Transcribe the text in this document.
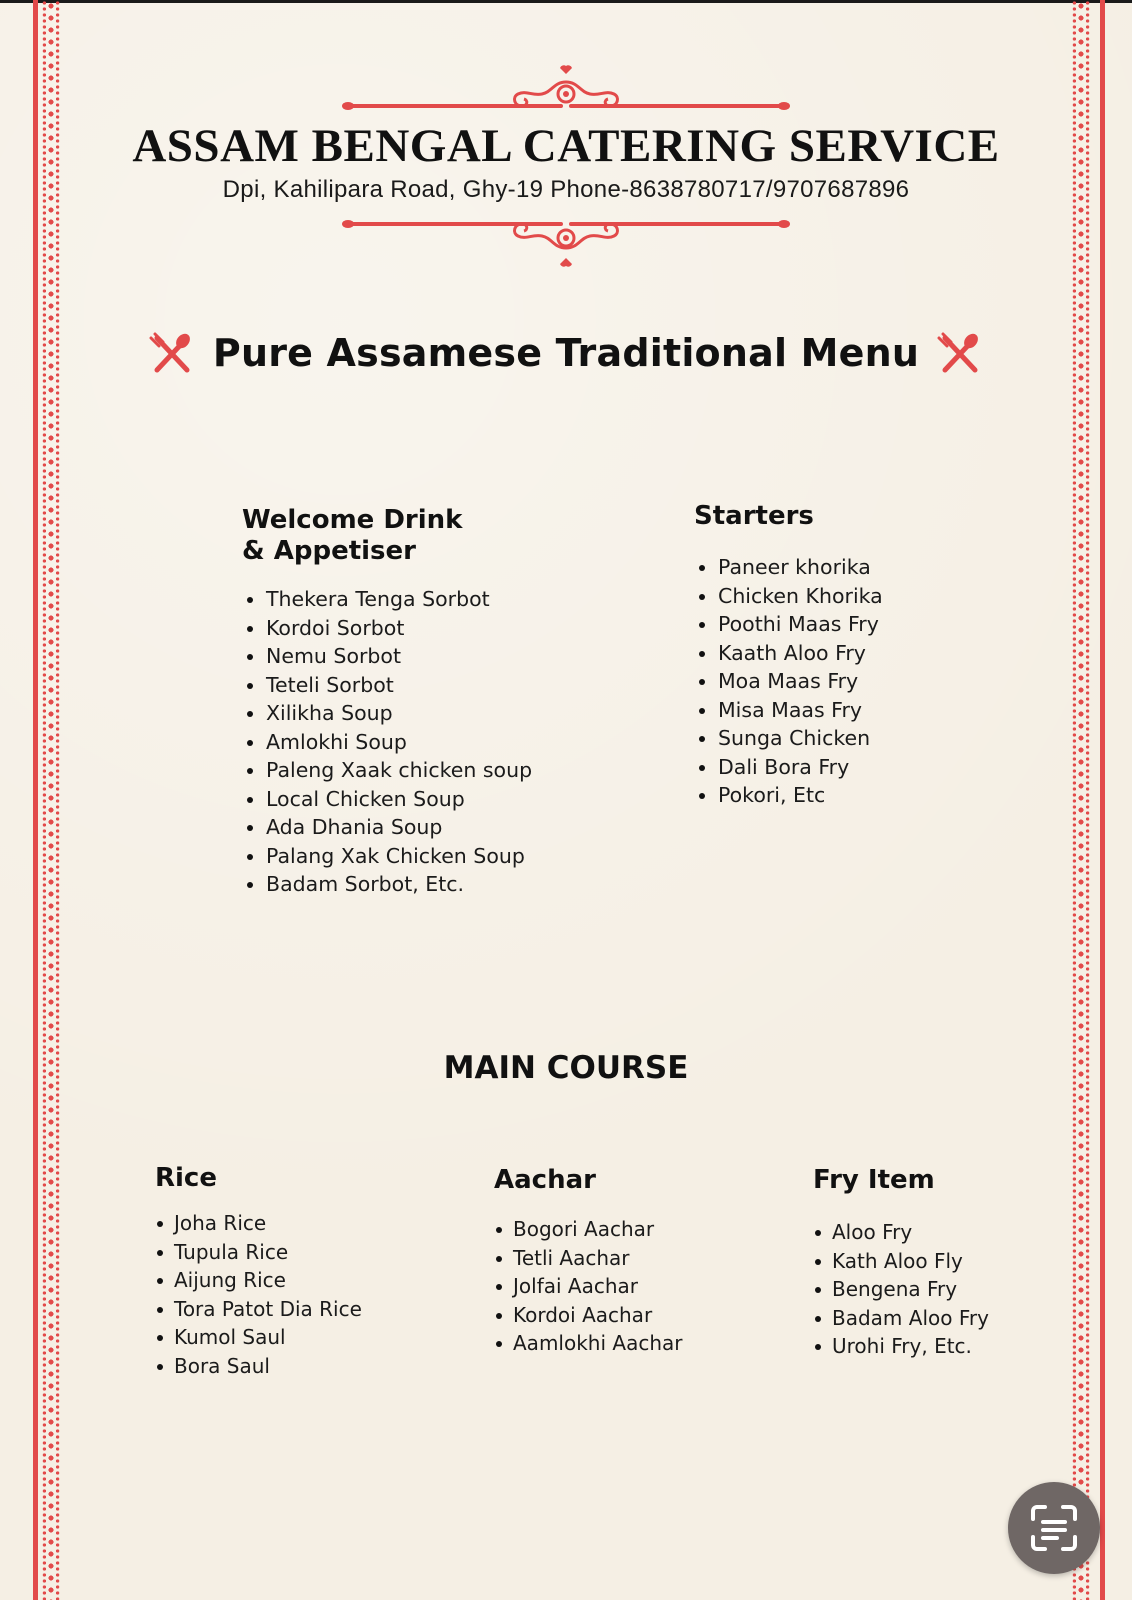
ASSAM BENGAL CATERING SERVICE
Dpi, Kahilipara Road, Ghy-19 Phone-8638780717/9707687896
Pure Assamese Traditional Menu
Welcome Drink
& Appetiser
Thekera Tenga Sorbot
Kordoi Sorbot
Nemu Sorbot
Teteli Sorbot
Xilikha Soup
Amlokhi Soup
Paleng Xaak chicken soup
Local Chicken Soup
Ada Dhania Soup
Palang Xak Chicken Soup
Badam Sorbot, Etc.
Starters
Paneer khorika
Chicken Khorika
Poothi Maas Fry
Kaath Aloo Fry
Moa Maas Fry
Misa Maas Fry
Sunga Chicken
Dali Bora Fry
Pokori, Etc
MAIN COURSE
Rice
Joha Rice
Tupula Rice
Aijung Rice
Tora Patot Dia Rice
Kumol Saul
Bora Saul
Aachar
Bogori Aachar
Tetli Aachar
Jolfai Aachar
Kordoi Aachar
Aamlokhi Aachar
Fry Item
Aloo Fry
Kath Aloo Fly
Bengena Fry
Badam Aloo Fry
Urohi Fry, Etc.
